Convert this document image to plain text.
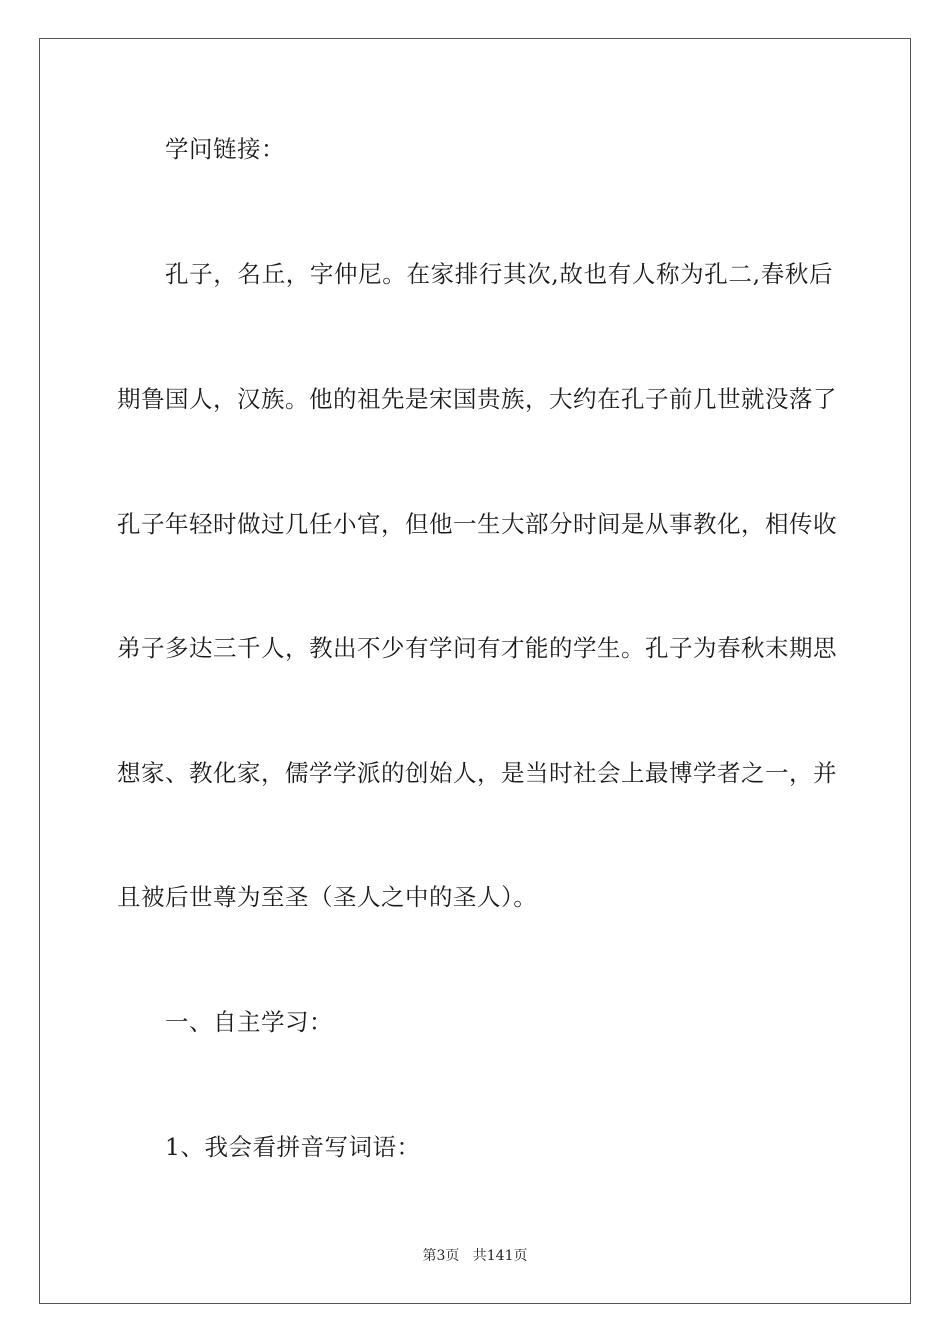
学问链接：
孔子，名丘，字仲尼。在家排行其次,故也有人称为孔二,春秋后
期鲁国人，汉族。他的祖先是宋国贵族，大约在孔子前几世就没落了
孔子年轻时做过几任小官，但他一生大部分时间是从事教化，相传收
弟子多达三千人，教出不少有学问有才能的学生。孔子为春秋末期思
想家、教化家，儒学学派的创始人，是当时社会上最博学者之一，并
且被后世尊为至圣（圣人之中的圣人）。
一、自主学习：
1、我会看拼音写词语：
第3页 共141页
